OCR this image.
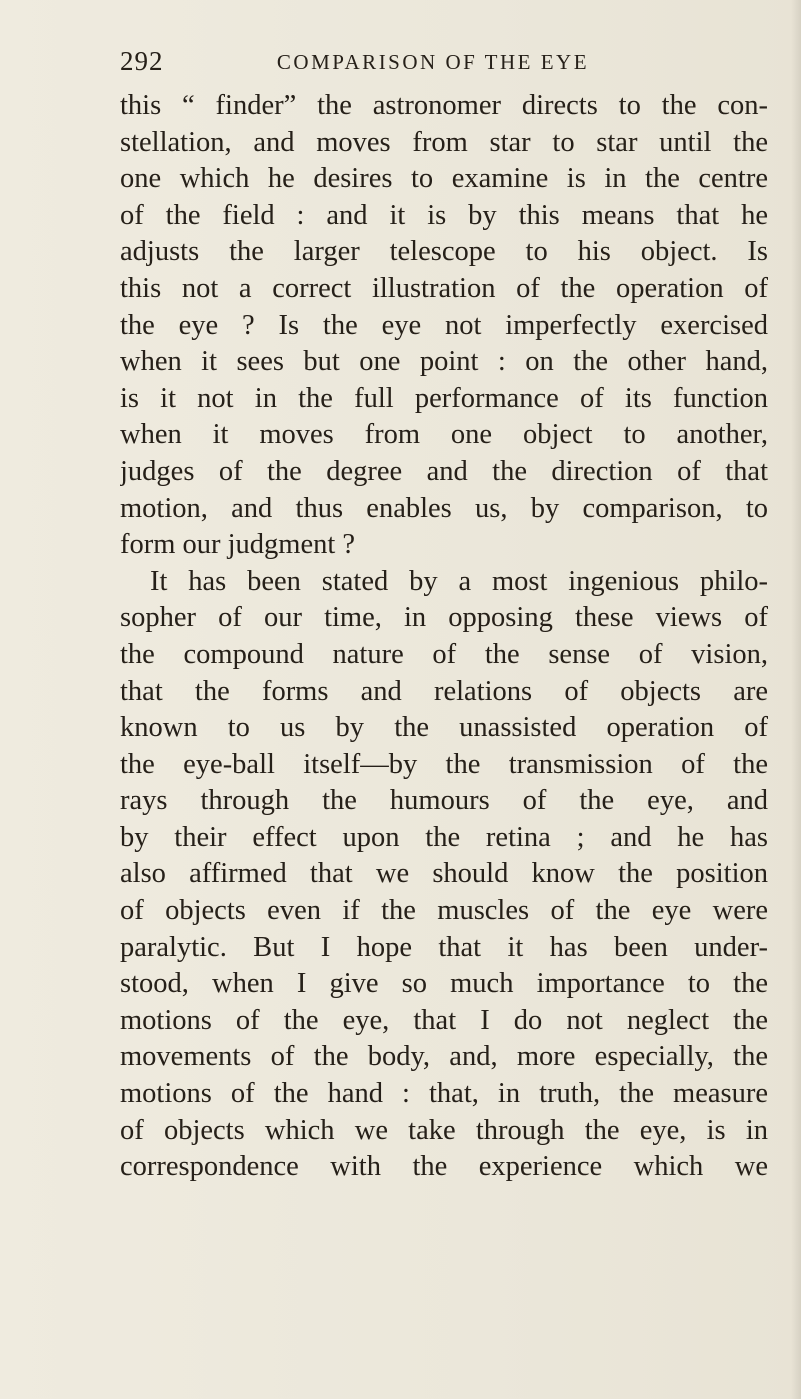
292	COMPARISON OF THE EYE
this “ finder” the astronomer directs to the con-
stellation, and moves from star to star until the
one which he desires to examine is in the centre
of the field : and it is by this means that he
adjusts the larger telescope to his object. Is
this not a correct illustration of the operation of
the eye ? Is the eye not imperfectly exercised
when it sees but one point : on the other hand,
is it not in the full performance of its function
when it moves from one object to another,
judges of the degree and the direction of that
motion, and thus enables us, by comparison, to
form our judgment ?
It has been stated by a most ingenious philo-
sopher of our time, in opposing these views of
the compound nature of the sense of vision,
that the forms and relations of objects are
known to us by the unassisted operation of
the eye-ball itself—by the transmission of the
rays through the humours of the eye, and
by their effect upon the retina ; and he has
also affirmed that we should know the position
of objects even if the muscles of the eye were
paralytic. But I hope that it has been under-
stood, when I give so much importance to the
motions of the eye, that I do not neglect the
movements of the body, and, more especially, the
motions of the hand : that, in truth, the measure
of objects which we take through the eye, is in
correspondence with the experience which we
